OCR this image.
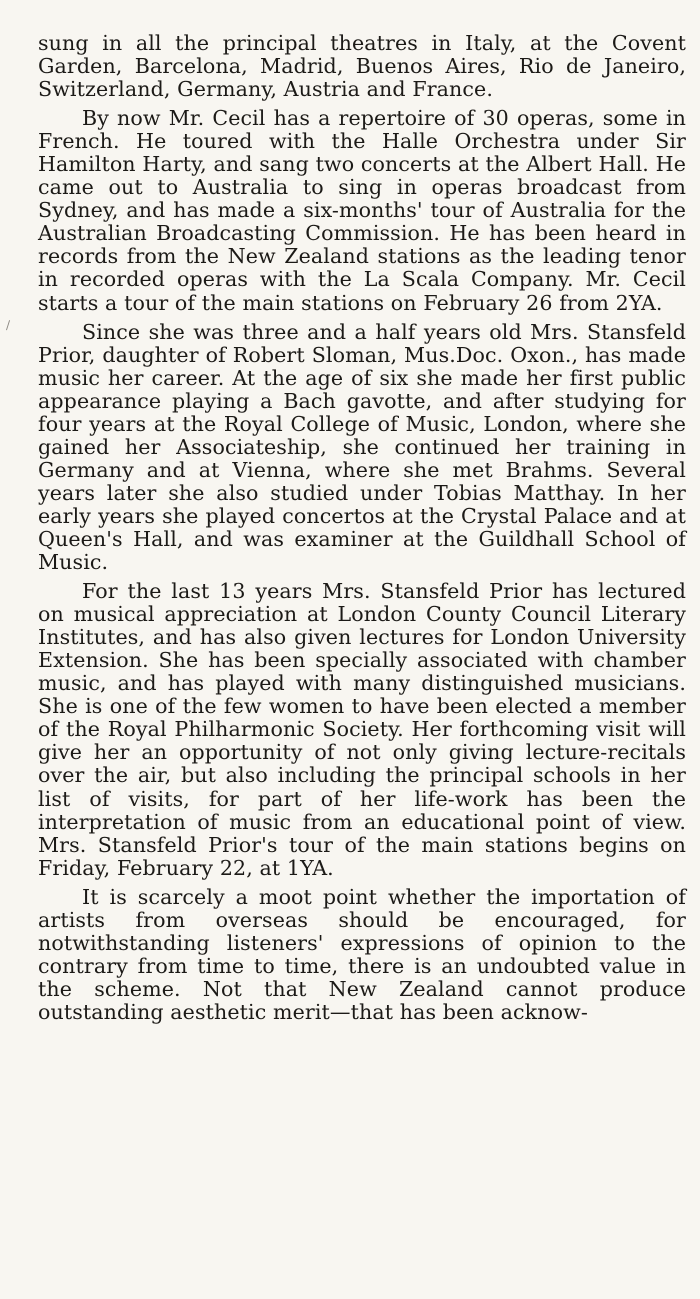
sung in all the principal theatres in Italy, at the Covent Garden, Barcelona, Madrid, Buenos Aires, Rio de Janeiro, Switzerland, Germany, Austria and France.

By now Mr. Cecil has a repertoire of 30 operas, some in French. He toured with the Halle Orchestra under Sir Hamilton Harty, and sang two concerts at the Albert Hall. He came out to Australia to sing in operas broadcast from Sydney, and has made a six-months' tour of Australia for the Australian Broadcasting Commission. He has been heard in records from the New Zealand stations as the leading tenor in recorded operas with the La Scala Company. Mr. Cecil starts a tour of the main stations on February 26 from 2YA.

Since she was three and a half years old Mrs. Stansfeld Prior, daughter of Robert Sloman, Mus.Doc. Oxon., has made music her career. At the age of six she made her first public appearance playing a Bach gavotte, and after studying for four years at the Royal College of Music, London, where she gained her Associateship, she continued her training in Germany and at Vienna, where she met Brahms. Several years later she also studied under Tobias Matthay. In her early years she played concertos at the Crystal Palace and at Queen's Hall, and was examiner at the Guildhall School of Music.

For the last 13 years Mrs. Stansfeld Prior has lectured on musical appreciation at London County Council Literary Institutes, and has also given lectures for London University Extension. She has been specially associated with chamber music, and has played with many distinguished musicians. She is one of the few women to have been elected a member of the Royal Philharmonic Society. Her forthcoming visit will give her an opportunity of not only giving lecture-recitals over the air, but also including the principal schools in her list of visits, for part of her life-work has been the interpretation of music from an educational point of view. Mrs. Stansfeld Prior's tour of the main stations begins on Friday, February 22, at 1YA.

It is scarcely a moot point whether the importation of artists from overseas should be encouraged, for notwithstanding listeners' expressions of opinion to the contrary from time to time, there is an undoubted value in the scheme. Not that New Zealand cannot produce outstanding aesthetic merit—that has been acknow-

∕
